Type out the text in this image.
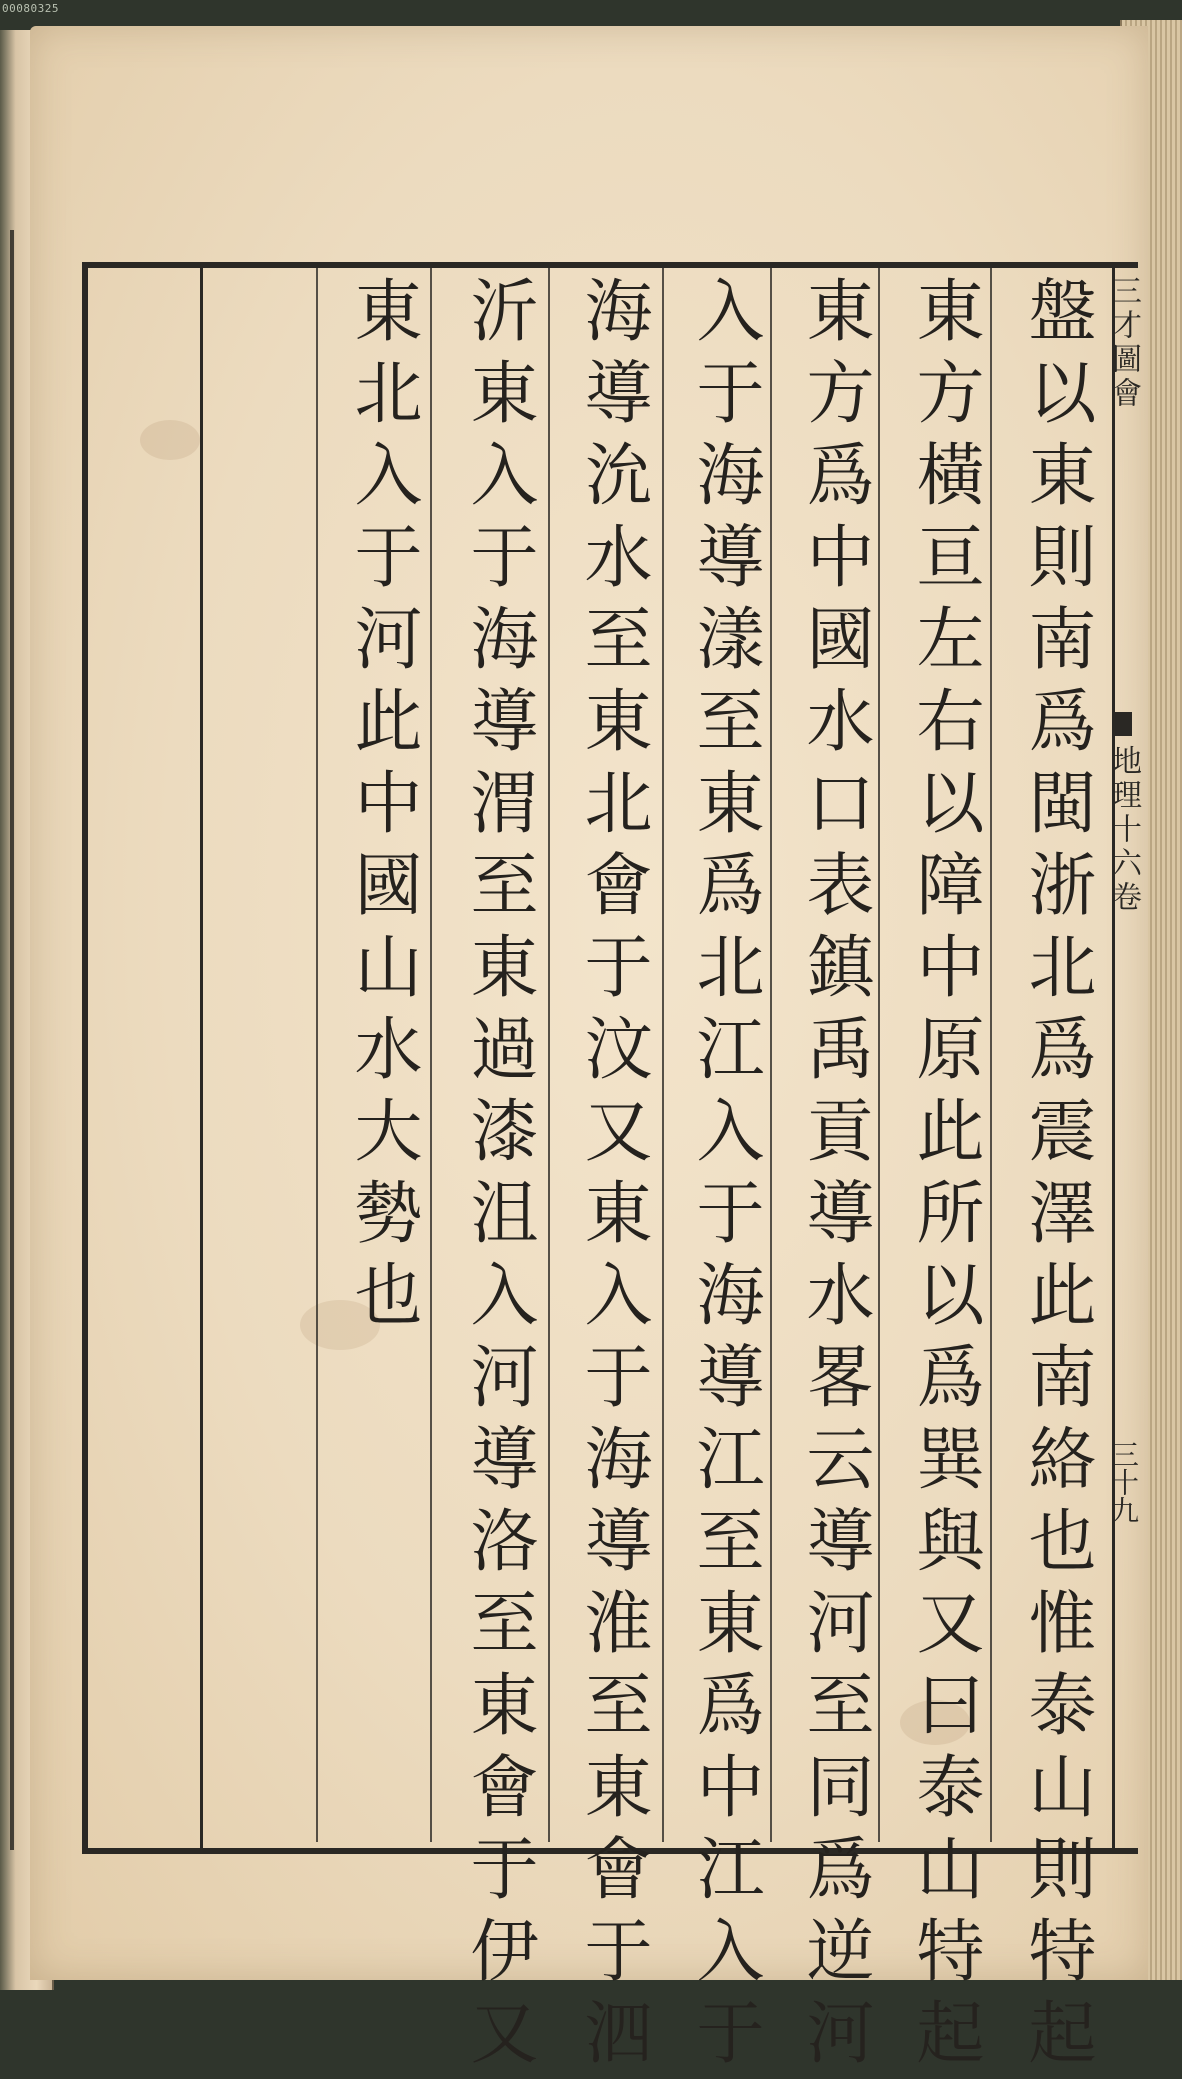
00080325
盤以東則南爲閩浙北爲震澤此南絡也惟泰山則特起
東方橫亘左右以障中原此所以爲巽與又曰泰山特起
東方爲中國水口表鎮禹貢導水畧云導河至同爲逆河
入于海導漾至東爲北江入于海導江至東爲中江入于
海導沇水至東北會于汶又東入于海導淮至東會于泗
沂東入于海導渭至東過漆沮入河導洛至東會于伊又
東北入于河此中國山水大勢也	三才圖會
地理十六卷
三十九
